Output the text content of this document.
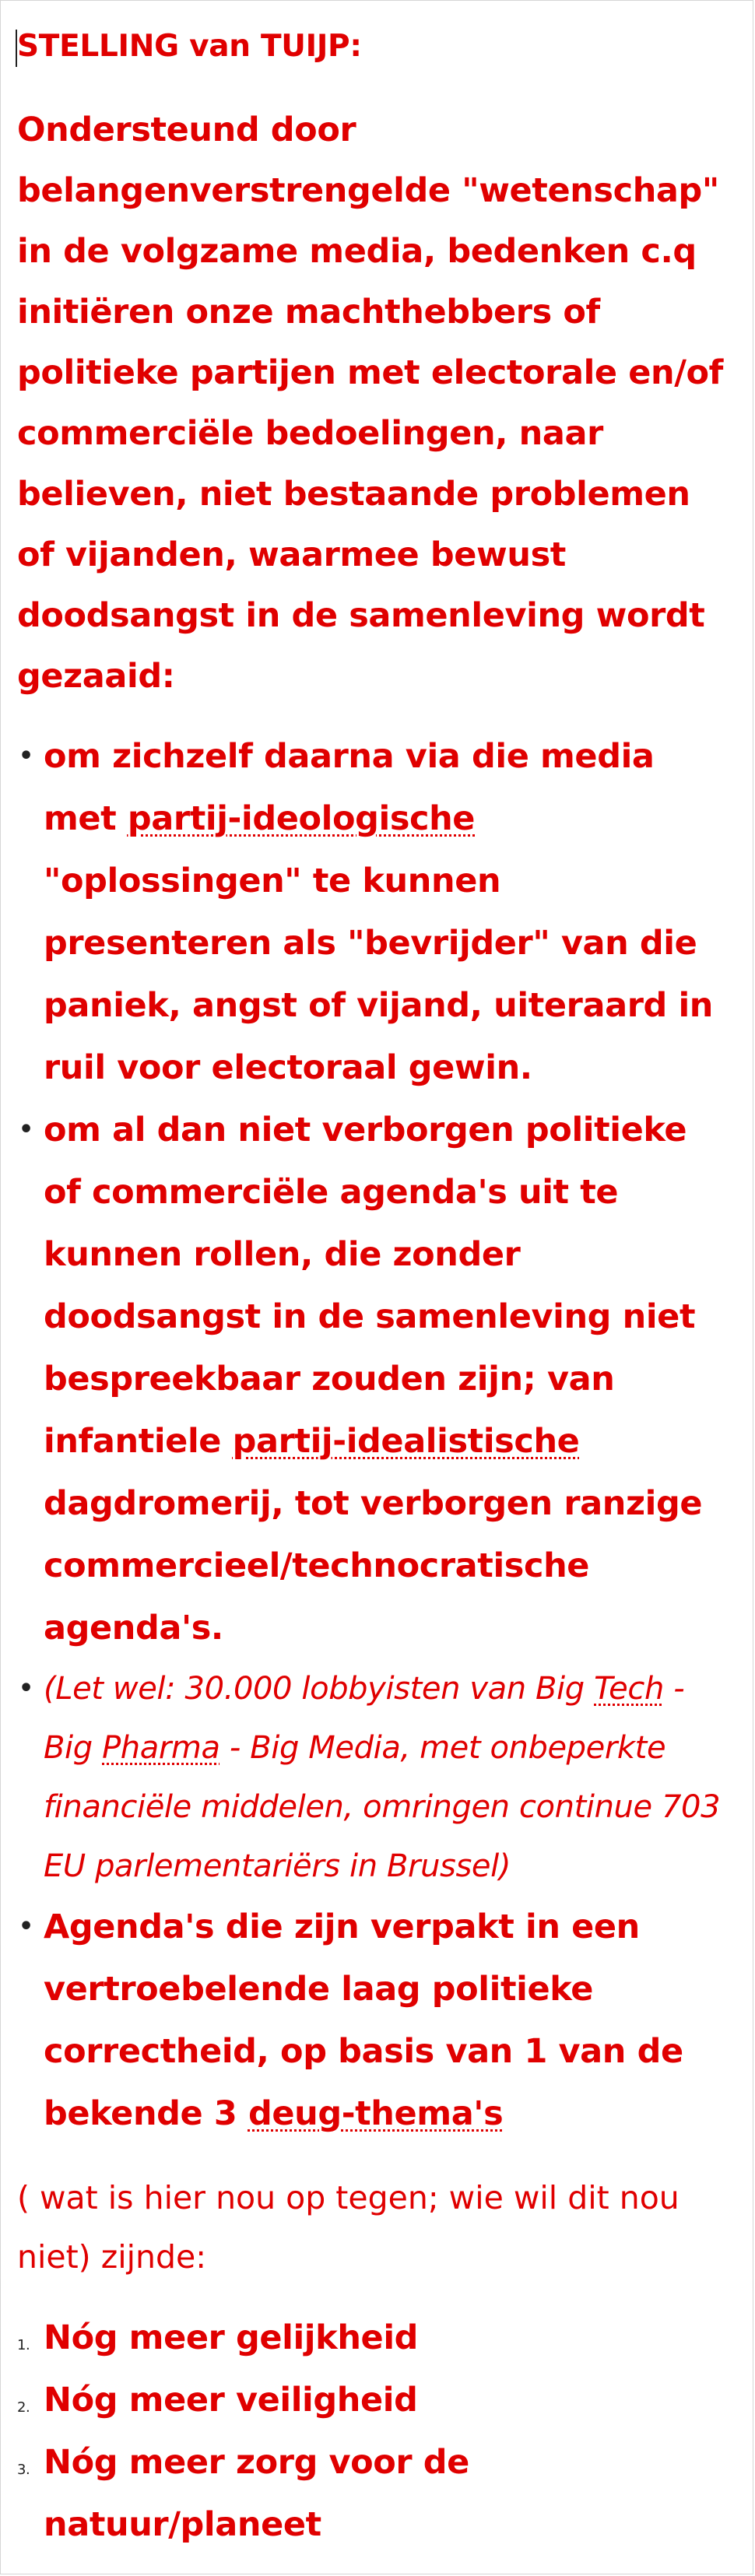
STELLING van TUIJP:
Ondersteund door belangenverstrengelde "wetenschap" in de volgzame media, bedenken c.q initiëren onze machthebbers of politieke partijen met electorale en/of commerciële bedoelingen, naar believen, niet bestaande problemen of vijanden, waarmee bewust doodsangst in de samenleving wordt gezaaid:
• om zichzelf daarna via die media met partij-ideologische "oplossingen" te kunnen presenteren als "bevrijder" van die paniek, angst of vijand, uiteraard in ruil voor electoraal gewin.
• om al dan niet verborgen politieke of commerciële agenda's uit te kunnen rollen, die zonder doodsangst in de samenleving niet bespreekbaar zouden zijn; van infantiele partij-idealistische dagdromerij, tot verborgen ranzige commercieel/technocratische agenda's.
• (Let wel: 30.000 lobbyisten van Big Tech - Big Pharma - Big Media, met onbeperkte financiële middelen, omringen continue 703 EU parlementariërs in Brussel)
• Agenda's die zijn verpakt in een vertroebelende laag politieke correctheid, op basis van 1 van de bekende 3 deug-thema's
( wat is hier nou op tegen; wie wil dit nou niet) zijnde:
1. Nóg meer gelijkheid
2. Nóg meer veiligheid
3. Nóg meer zorg voor de natuur/planeet
